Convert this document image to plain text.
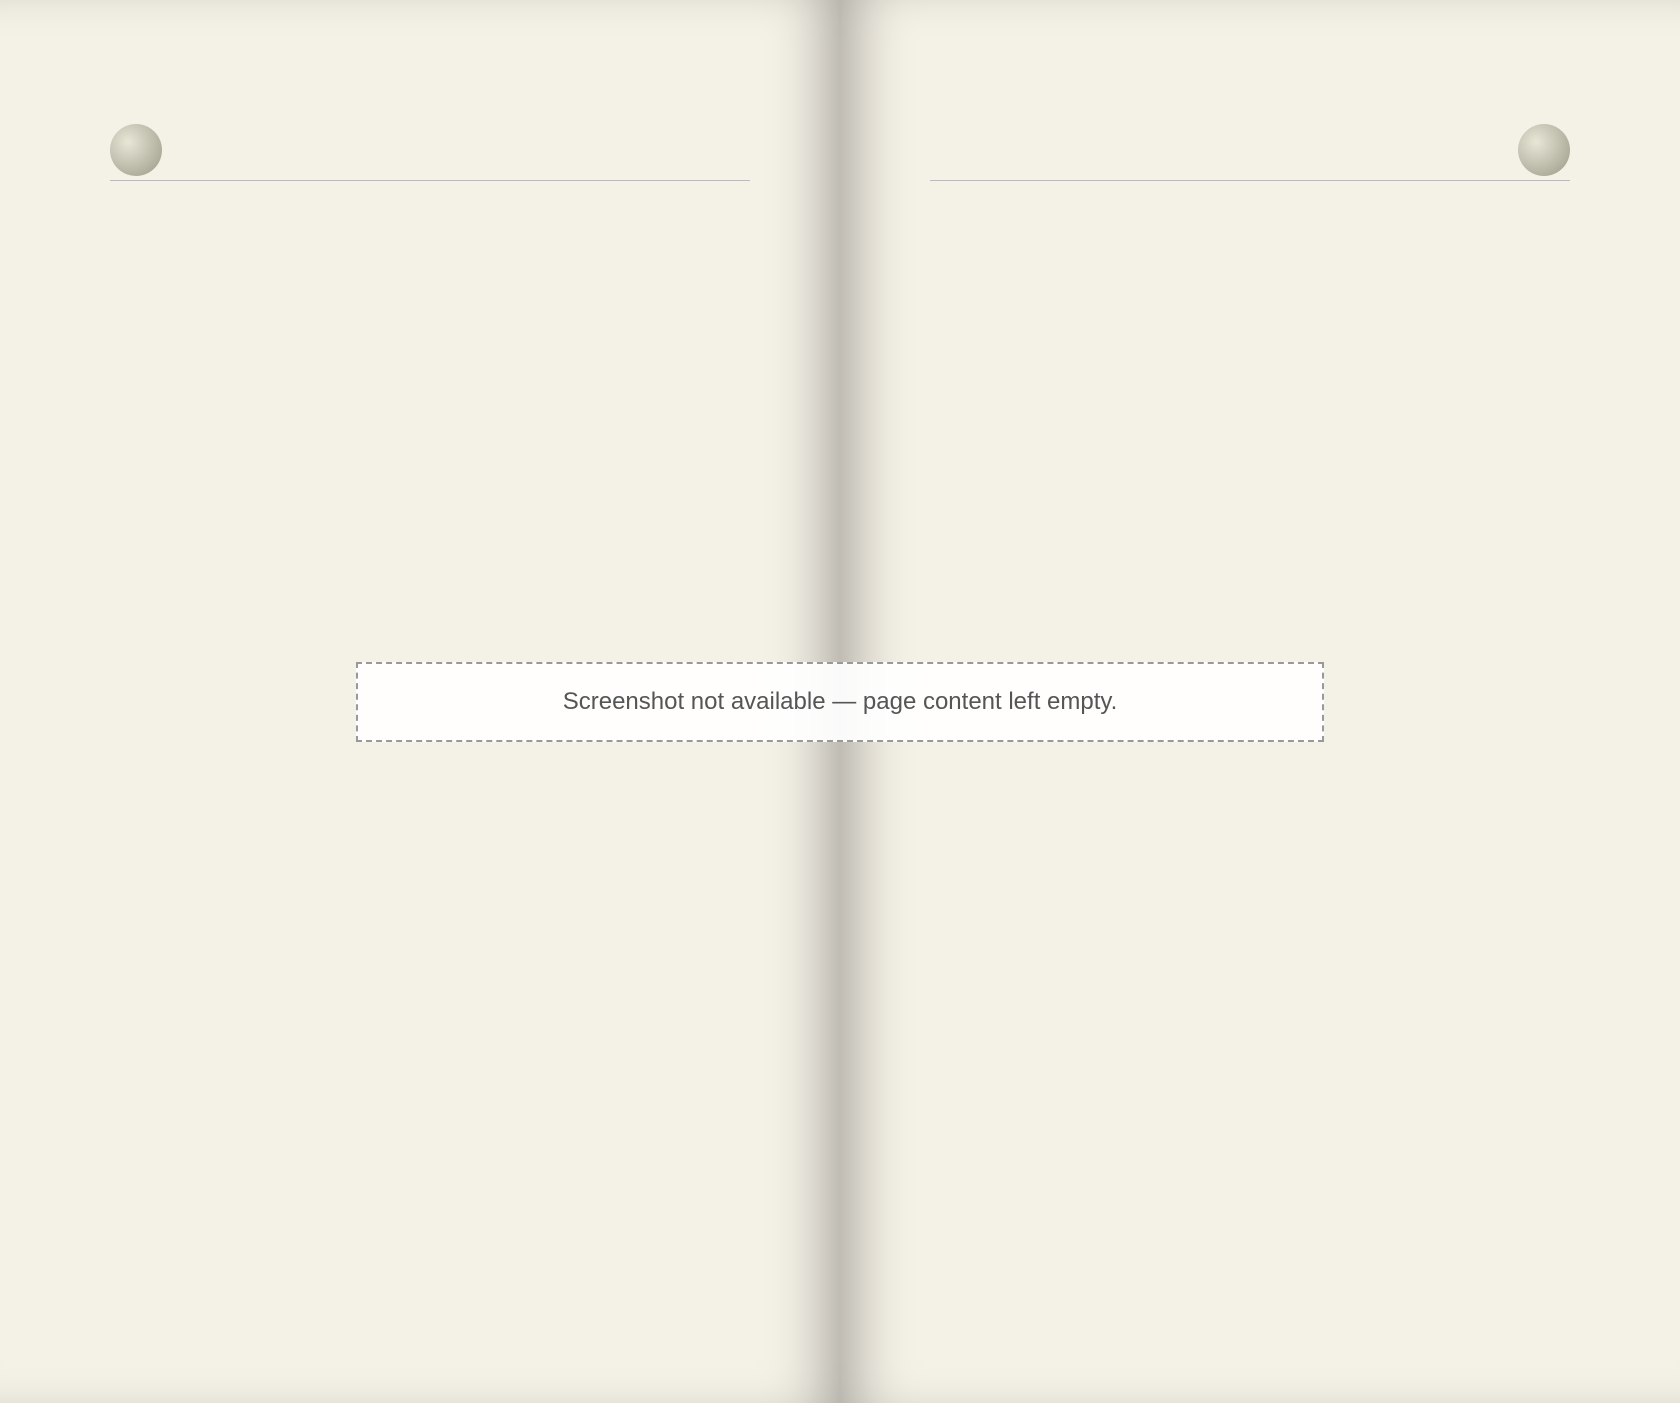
Screenshot not available — page content left empty.
